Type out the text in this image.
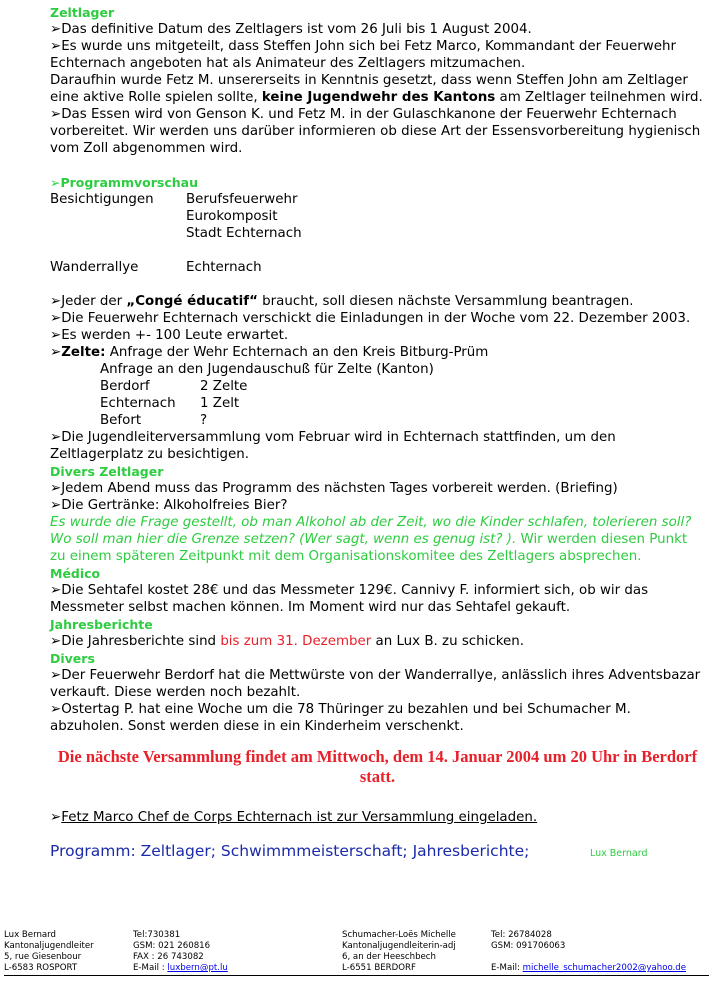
Zeltlager

➢Das definitive Datum des Zeltlagers ist vom 26 Juli bis 1 August 2004.

➢Es wurde uns mitgeteilt, dass Steffen John sich bei Fetz Marco, Kommandant der Feuerwehr Echternach angeboten hat als Animateur des Zeltlagers mitzumachen.

Daraufhin wurde Fetz M. unsererseits in Kenntnis gesetzt, dass wenn Steffen John am Zeltlager eine aktive Rolle spielen sollte, keine Jugendwehr des Kantons am Zeltlager teilnehmen wird.

➢Das Essen wird von Genson K. und Fetz M. in der Gulaschkanone der Feuerwehr Echternach vorbereitet. Wir werden uns darüber informieren ob diese Art der Essensvorbereitung hygienisch vom Zoll abgenommen wird.

➢Programmvorschau

Besichtigungen	Berufsfeuerwehr
Eurokomposit
Stadt Echternach
Wanderrallye	Echternach

➢Jeder der „Congé éducatif“ braucht, soll diesen nächste Versammlung beantragen.

➢Die Feuerwehr Echternach verschickt die Einladungen in der Woche vom 22. Dezember 2003.

➢Es werden +- 100 Leute erwartet.

➢Zelte: Anfrage der Wehr Echternach an den Kreis Bitburg-Prüm

Anfrage an den Jugendauschuß für Zelte (Kanton)

Berdorf	2 Zelte
Echternach	1 Zelt
Befort	?

➢Die Jugendleiterversammlung vom Februar wird in Echternach stattfinden, um den Zeltlagerplatz zu besichtigen.

Divers Zeltlager

➢Jedem Abend muss das Programm des nächsten Tages vorbereit werden. (Briefing)

➢Die Gertränke: Alkoholfreies Bier?

Es wurde die Frage gestellt, ob man Alkohol ab der Zeit, wo die Kinder schlafen, tolerieren soll? Wo soll man hier die Grenze setzen? (Wer sagt, wenn es genug ist? ). Wir werden diesen Punkt zu einem späteren Zeitpunkt mit dem Organisationskomitee des Zeltlagers absprechen.

Médico

➢Die Sehtafel kostet 28€ und das Messmeter 129€. Cannivy F. informiert sich, ob wir das Messmeter selbst machen können. Im Moment wird nur das Sehtafel gekauft.

Jahresberichte

➢Die Jahresberichte sind bis zum 31. Dezember an Lux B. zu schicken.

Divers

➢Der Feuerwehr Berdorf hat die Mettwürste von der Wanderrallye, anlässlich ihres Adventsbazar verkauft. Diese werden noch bezahlt.

➢Ostertag P. hat eine Woche um die 78 Thüringer zu bezahlen und bei Schumacher M. abzuholen. Sonst werden diese in ein Kinderheim verschenkt.

Die nächste Versammlung findet am Mittwoch, dem 14. Januar 2004 um 20 Uhr in Berdorf statt.

➢Fetz Marco Chef de Corps Echternach ist zur Versammlung eingeladen.

Programm: Zeltlager; Schwimmmeisterschaft; Jahresberichte;	Lux Bernard
Lux Bernard
Kantonaljugendleiter
5, rue Giesenbour
L-6583 ROSPORT
Tel:730381
GSM: 021 260816
FAX : 26 743082
E-Mail : luxbern@pt.lu
Schumacher-Loës Michelle
Kantonaljugendleiterin-adj
6, an der Heeschbech
L-6551 BERDORF
Tel: 26784028
GSM: 091706063

E-Mail: michelle_schumacher2002@yahoo.de
